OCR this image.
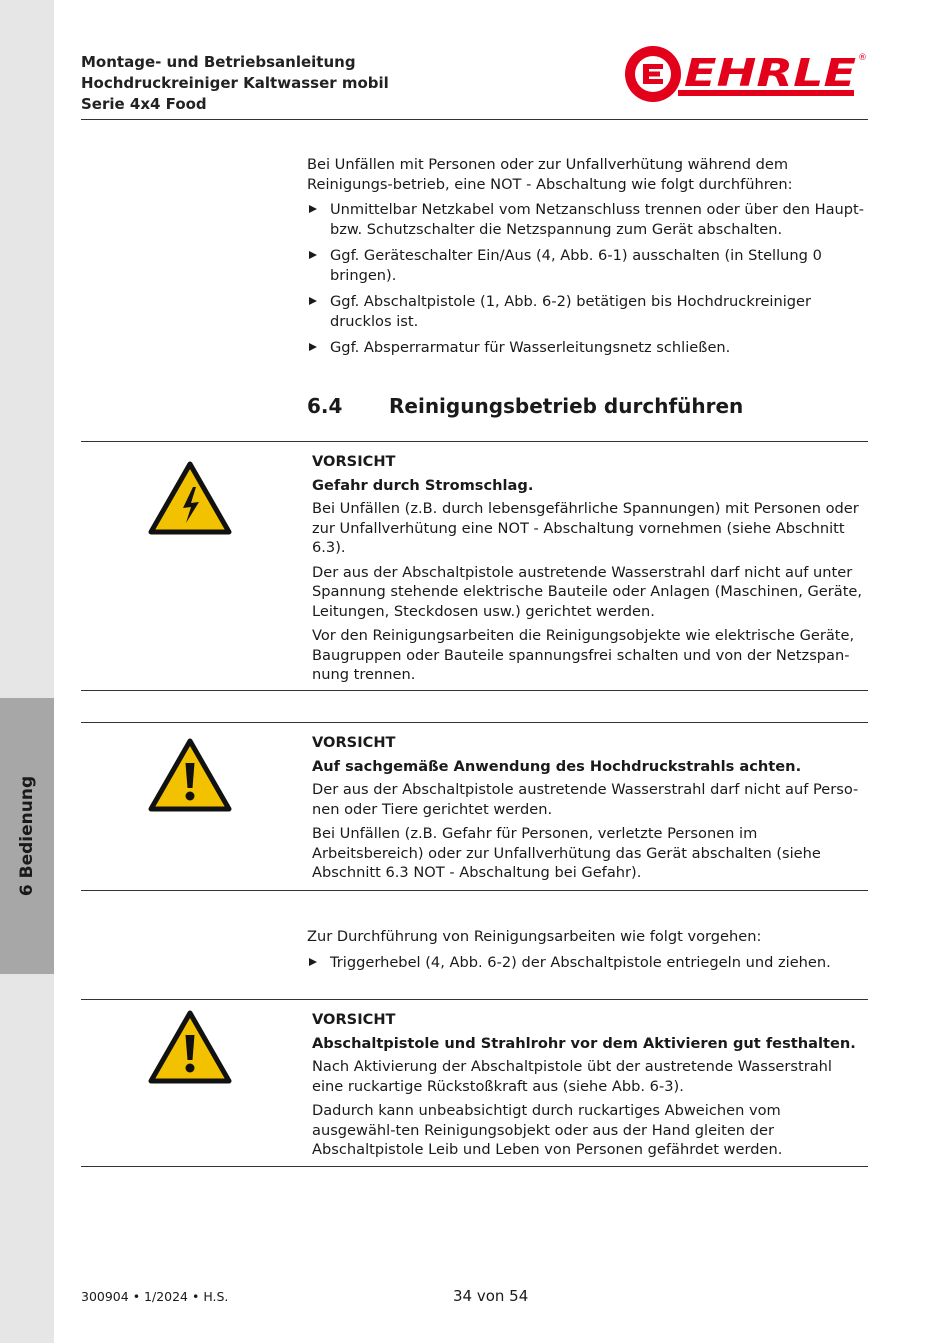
6 Bedienung
Montage- und Betriebsanleitung
Hochdruckreiniger Kaltwasser mobil
Serie 4x4 Food
EHRLE ®

Bei Unfällen mit Personen oder zur Unfallverhütung während dem Reinigungs-betrieb, eine NOT - Abschaltung wie folgt durchführen:

Unmittelbar Netzkabel vom Netzanschluss trennen oder über den Haupt- bzw. Schutzschalter die Netzspannung zum Gerät abschalten.
Ggf. Geräteschalter Ein/Aus (4, Abb. 6-1) ausschalten (in Stellung 0 bringen).
Ggf. Abschaltpistole (1, Abb. 6-2) betätigen bis Hochdruckreiniger drucklos ist.
Ggf. Absperrarmatur für Wasserleitungsnetz schließen.
6.4 Reinigungsbetrieb durchführen
VORSICHT
Gefahr durch Stromschlag.
Bei Unfällen (z.B. durch lebensgefährliche Spannungen) mit Personen oder zur Unfallverhütung eine NOT - Abschaltung vornehmen (siehe Abschnitt 6.3).
Der aus der Abschaltpistole austretende Wasserstrahl darf nicht auf unter Spannung stehende elektrische Bauteile oder Anlagen (Maschinen, Geräte, Leitungen, Steckdosen usw.) gerichtet werden.
Vor den Reinigungsarbeiten die Reinigungsobjekte wie elektrische Geräte, Baugruppen oder Bauteile spannungsfrei schalten und von der Netzspan-nung trennen.
VORSICHT
Auf sachgemäße Anwendung des Hochdruckstrahls achten.
Der aus der Abschaltpistole austretende Wasserstrahl darf nicht auf Perso-nen oder Tiere gerichtet werden.
Bei Unfällen (z.B. Gefahr für Personen, verletzte Personen im Arbeitsbereich) oder zur Unfallverhütung das Gerät abschalten (siehe Abschnitt 6.3 NOT - Abschaltung bei Gefahr).

Zur Durchführung von Reinigungsarbeiten wie folgt vorgehen:

Triggerhebel (4, Abb. 6-2) der Abschaltpistole entriegeln und ziehen.
VORSICHT
Abschaltpistole und Strahlrohr vor dem Aktivieren gut festhalten.
Nach Aktivierung der Abschaltpistole übt der austretende Wasserstrahl eine ruckartige Rückstoßkraft aus (siehe Abb. 6-3).
Dadurch kann unbeabsichtigt durch ruckartiges Abweichen vom ausgewähl-ten Reinigungsobjekt oder aus der Hand gleiten der Abschaltpistole Leib und Leben von Personen gefährdet werden.
300904 • 1/2024 • H.S.	34 von 54
